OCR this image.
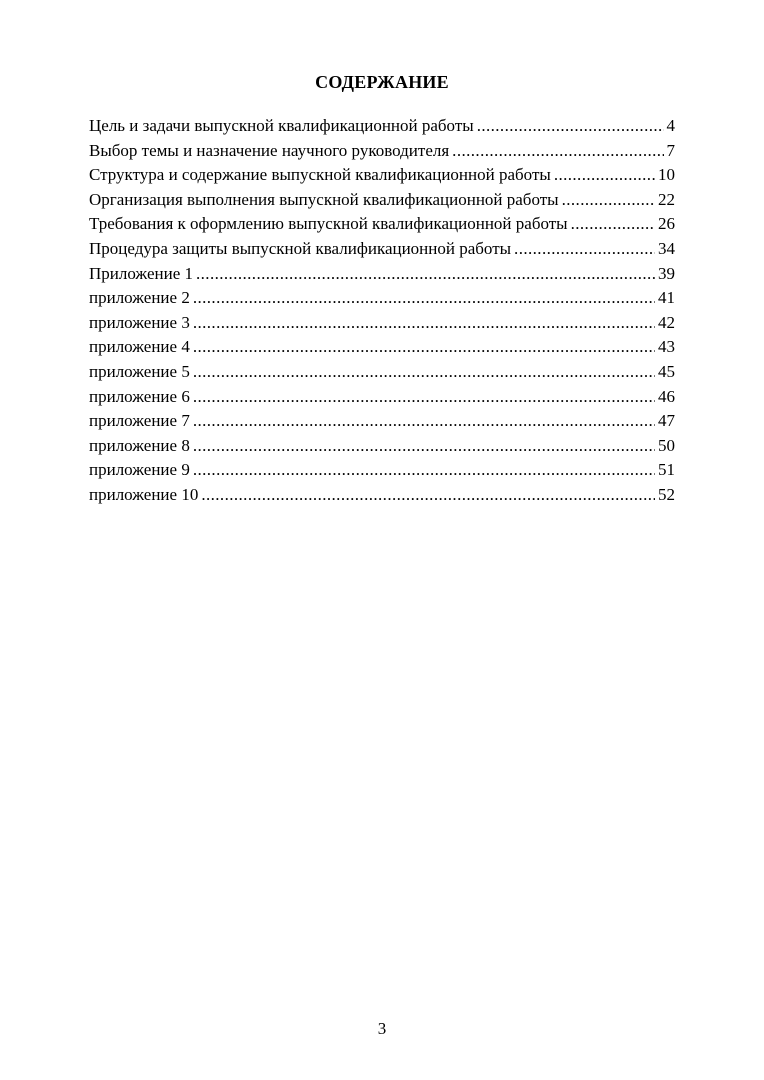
СОДЕРЖАНИЕ
Цель и задачи выпускной квалификационной работы .....	4
Выбор темы и назначение научного руководителя .....	7
Структура и содержание выпускной квалификационной работы .....	10
Организация выполнения выпускной квалификационной работы .....	22
Требования к оформлению выпускной квалификационной работы .....	26
Процедура защиты выпускной квалификационной работы .....	34
Приложение 1 .....	39
приложение 2 .....	41
приложение 3 .....	42
приложение 4 .....	43
приложение 5 .....	45
приложение 6 .....	46
приложение 7 .....	47
приложение 8 .....	50
приложение 9 .....	51
приложение 10 .....	52
3
